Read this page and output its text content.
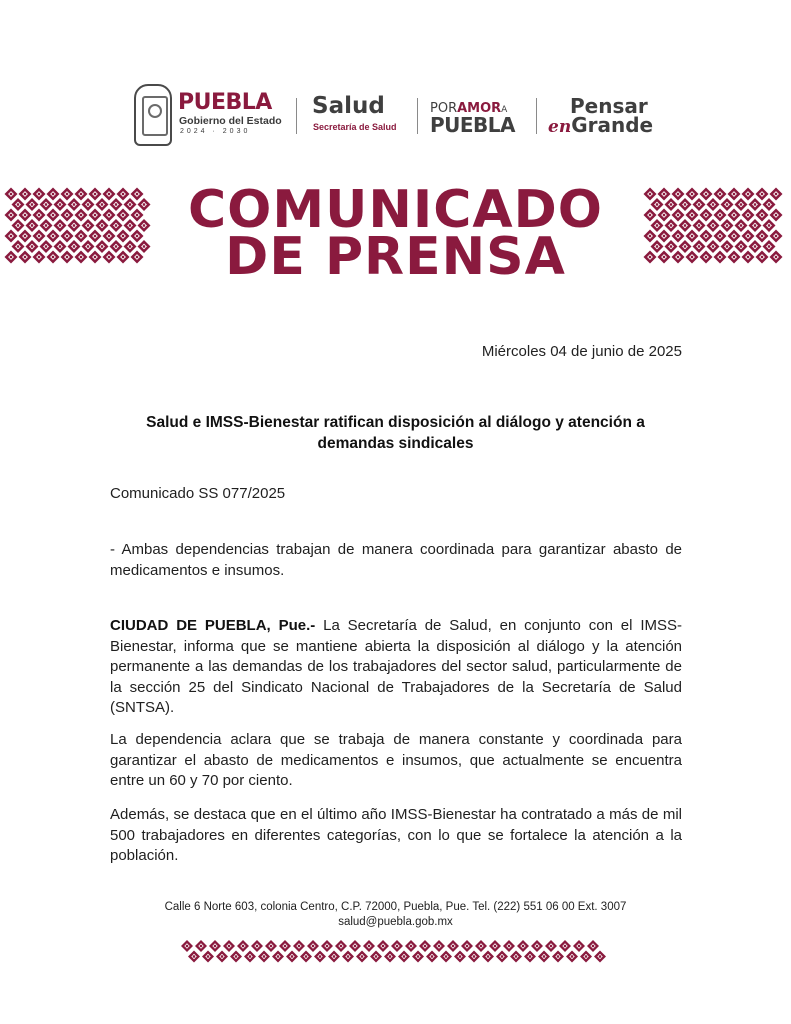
PUEBLA
Gobierno del Estado
2024 · 2030
Salud
Secretaría de Salud
PORAMORA
PUEBLA
Pensar
enGrande
COMUNICADO
DE PRENSA
Miércoles 04 de junio de 2025
Salud e IMSS-Bienestar ratifican disposición al diálogo y atención a demandas sindicales
Comunicado SS 077/2025
- Ambas dependencias trabajan de manera coordinada para garantizar abasto de medicamentos e insumos.
CIUDAD DE PUEBLA, Pue.- La Secretaría de Salud, en conjunto con el IMSS-Bienestar, informa que se mantiene abierta la disposición al diálogo y la atención permanente a las demandas de los trabajadores del sector salud, particularmente de la sección 25 del Sindicato Nacional de Trabajadores de la Secretaría de Salud (SNTSA).
La dependencia aclara que se trabaja de manera constante y coordinada para garantizar el abasto de medicamentos e insumos, que actualmente se encuentra entre un 60 y 70 por ciento.
Además, se destaca que en el último año IMSS-Bienestar ha contratado a más de mil 500 trabajadores en diferentes categorías, con lo que se fortalece la atención a la población.
Calle 6 Norte 603, colonia Centro, C.P. 72000, Puebla, Pue. Tel. (222) 551 06 00 Ext. 3007
salud@puebla.gob.mx
